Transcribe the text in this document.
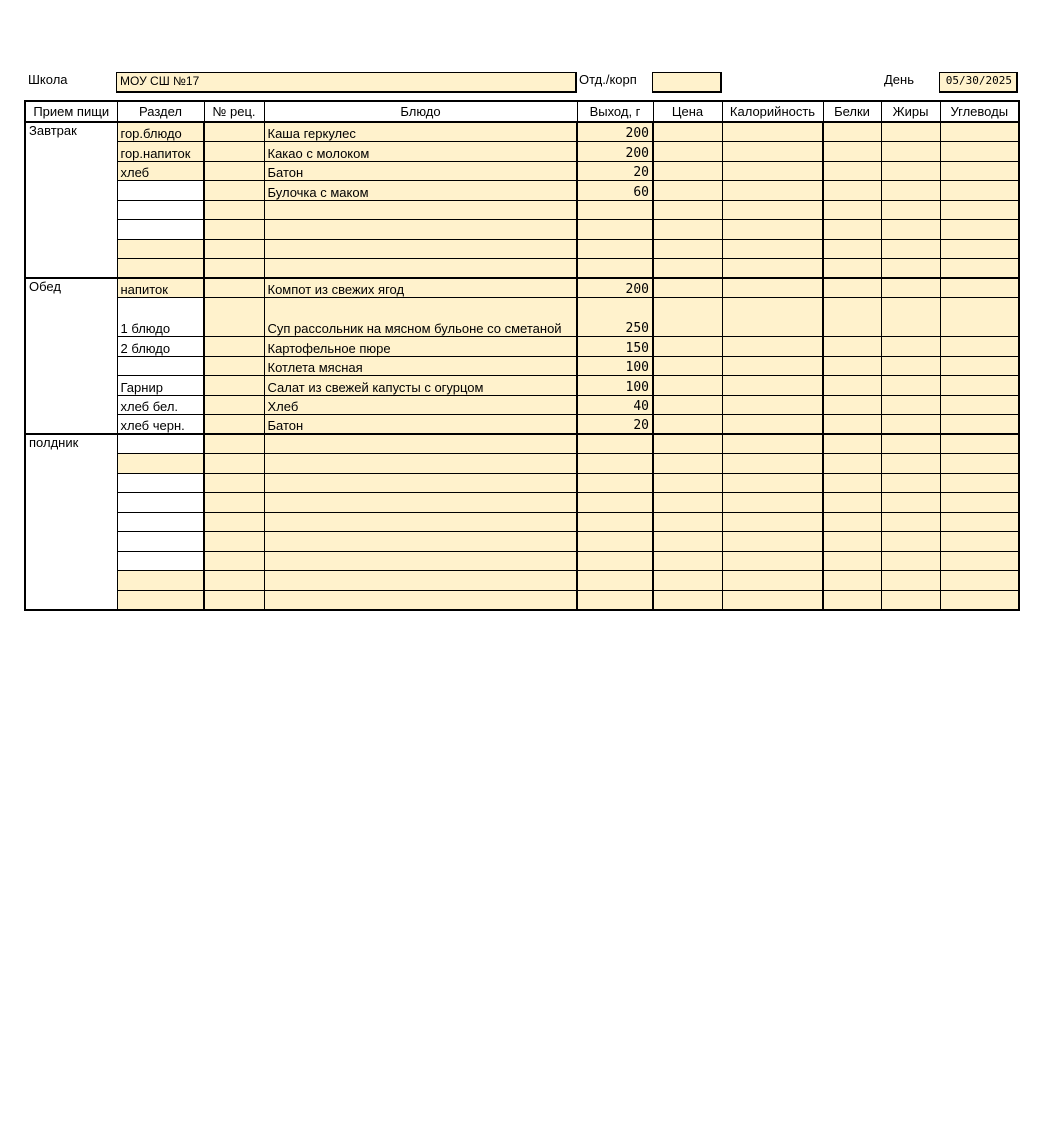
Школа	МОУ СШ №17	Отд./корп	День	05/30/2025
Прием пищи	Раздел	№ рец.	Блюдо	Выход, г	Цена	Калорийность	Белки	Жиры	Углеводы
Завтрак	гор.блюдо		Каша геркулес	200					
	гор.напиток		Какао с молоком	200					
	хлеб		Батон	20					
			Булочка с маком	60					

Обед	напиток		Компот из свежих ягод	200					
	1 блюдо		Суп рассольник на мясном бульоне со сметаной	250					
	2 блюдо		Картофельное пюре	150					
			Котлета мясная	100					
	Гарнир		Салат из свежей капусты с огурцом	100					
	хлеб бел.		Хлеб	40					
	хлеб черн.		Батон	20					
полдник									
